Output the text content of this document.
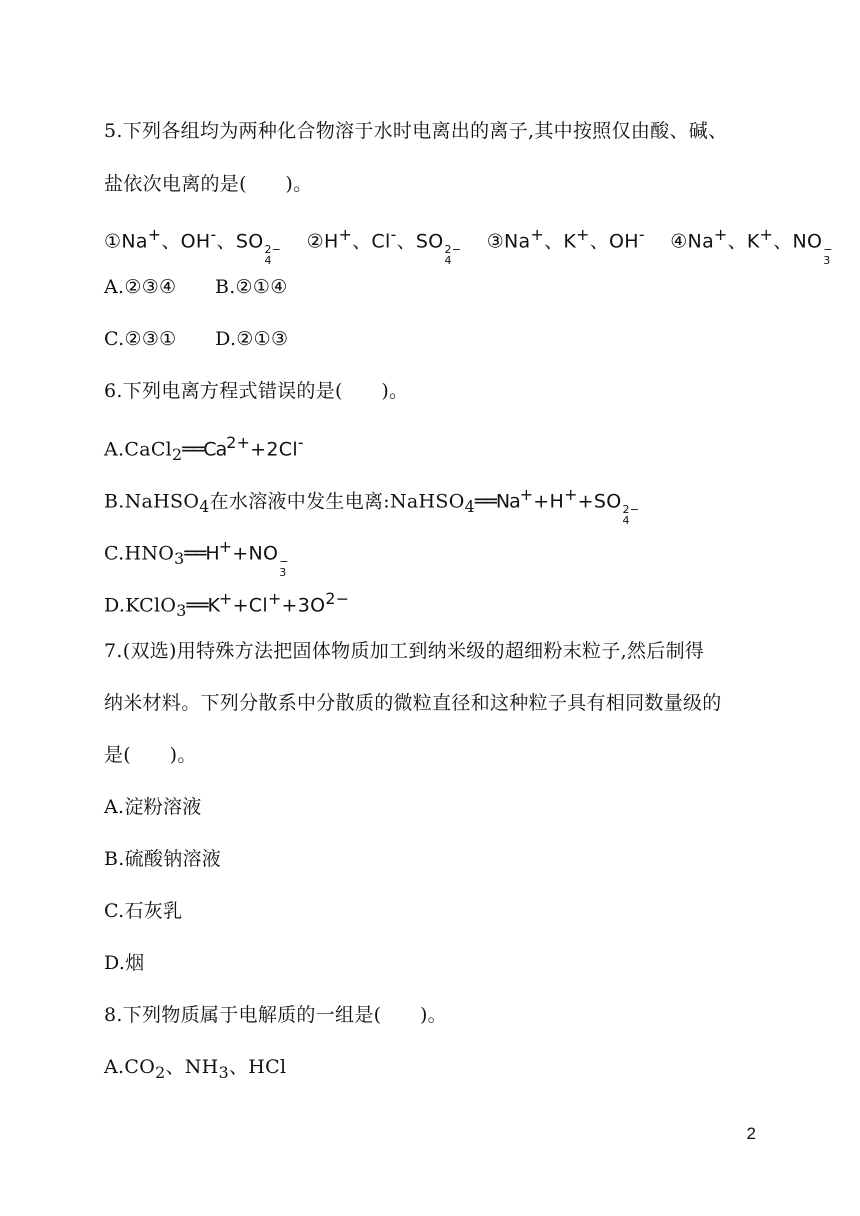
5.下列各组均为两种化合物溶于水时电离出的离子,其中按照仅由酸、碱、
盐依次电离的是(　　)。
①Na+、OH-、SO 2−
4
②H+、Cl-、SO 2−
4
③Na+、K+、OH- ④Na+、K+、NO −
3
A.②③④　　B.②①④
C.②③①　　D.②①③
6.下列电离方程式错误的是(　　)。
$A.CaCl_2══Ca^{2+}+2Cl^-$
B.NaHSO$_4$在水溶液中发生电离:NaHSO$_4$══Na++H++SO 2−
4
$C.HNO_3══H^++NO$ −
3
$D.KClO_3══K^++Cl^++3O^{2-}$
7.(双选)用特殊方法把固体物质加工到纳米级的超细粉末粒子,然后制得
纳米材料。下列分散系中分散质的微粒直径和这种粒子具有相同数量级的
是(　　)。
A.淀粉溶液
B.硫酸钠溶液
C.石灰乳
D.烟
8.下列物质属于电解质的一组是(　　)。
$A.CO_2$、$NH_3$、HCl
2
